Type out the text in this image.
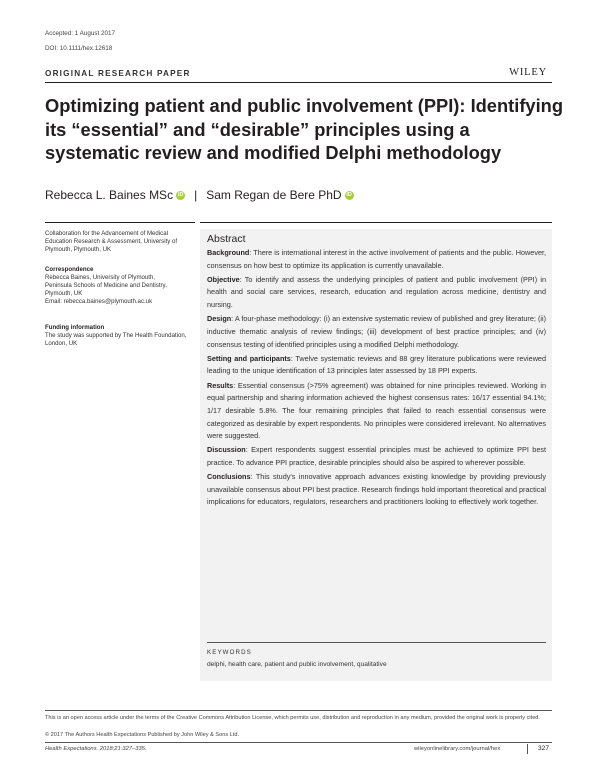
Accepted: 1 August 2017
DOI: 10.1111/hex.12618
ORIGINAL RESEARCH PAPER	WILEY
Optimizing patient and public involvement (PPI): Identifying its “essential” and “desirable” principles using a systematic review and modified Delphi methodology
Rebecca L. Baines MSc iD | Sam Regan de Bere PhD iD
Collaboration for the Advancement of Medical Education Research & Assessment, University of Plymouth, Plymouth, UK

Correspondence

Rebecca Baines, University of Plymouth,

Peninsula Schools of Medicine and Dentistry,

Plymouth, UK

Email: rebecca.baines@plymouth.ac.uk

Funding information

The study was supported by The Health Foundation, London, UK

Abstract

Background: There is international interest in the active involvement of patients and the public. However, consensus on how best to optimize its application is currently unavailable.

Objective: To identify and assess the underlying principles of patient and public involvement (PPI) in health and social care services, research, education and regulation across medicine, dentistry and nursing.

Design: A four-phase methodology: (i) an extensive systematic review of published and grey literature; (ii) inductive thematic analysis of review findings; (iii) development of best practice principles; and (iv) consensus testing of identified principles using a modified Delphi methodology.

Setting and participants: Twelve systematic reviews and 88 grey literature publications were reviewed leading to the unique identification of 13 principles later assessed by 18 PPI experts.

Results: Essential consensus (>75% agreement) was obtained for nine principles reviewed. Working in equal partnership and sharing information achieved the highest consensus rates: 16/17 essential 94.1%; 1/17 desirable 5.8%. The four remaining principles that failed to reach essential consensus were categorized as desirable by expert respondents. No principles were considered irrelevant. No alternatives were suggested.

Discussion: Expert respondents suggest essential principles must be achieved to optimize PPI best practice. To advance PPI practice, desirable principles should also be aspired to wherever possible.

Conclusions: This study's innovative approach advances existing knowledge by providing previously unavailable consensus about PPI best practice. Research findings hold important theoretical and practical implications for educators, regulators, researchers and practitioners looking to effectively work together.

KEYWORDS
delphi, health care, patient and public involvement, qualitative
This is an open access article under the terms of the Creative Commons Attribution License, which permits use, distribution and reproduction in any medium, provided the original work is properly cited.
© 2017 The Authors Health Expectations Published by John Wiley & Sons Ltd.
Health Expectations. 2018;21:327–335.	wileyonlinelibrary.com/journal/hex	327
